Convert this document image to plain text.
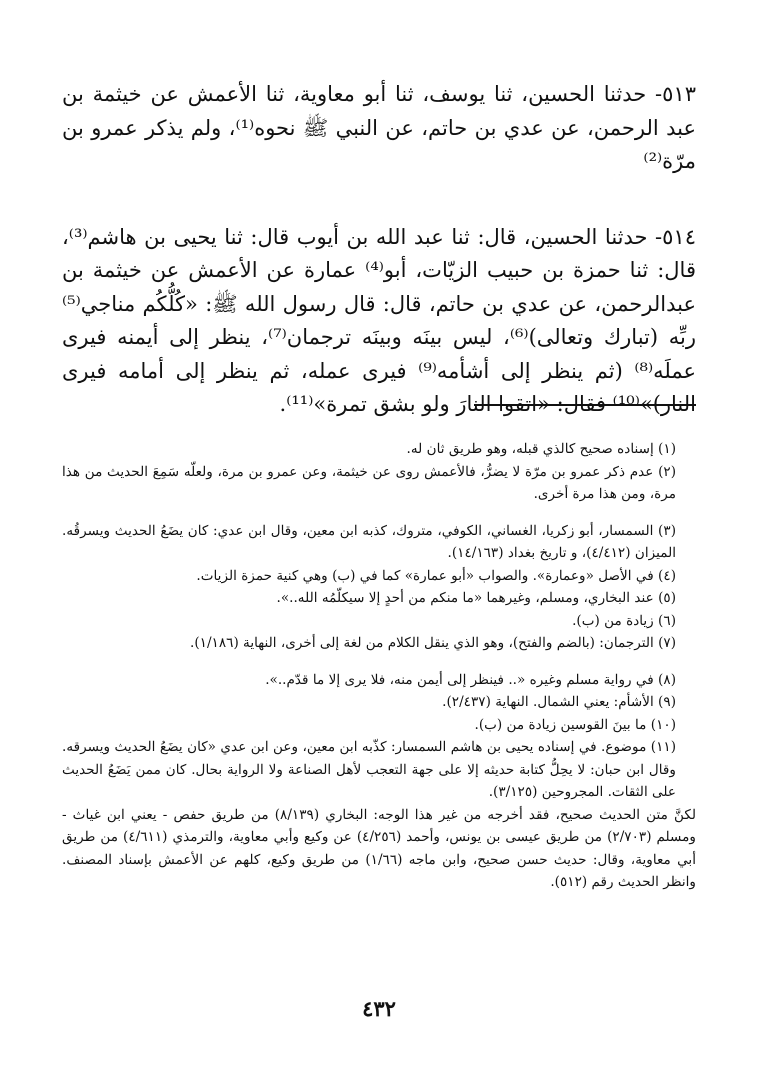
٥١٣- حدثنا الحسين، ثنا يوسف، ثنا أبو معاوية، ثنا الأعمش عن خيثمة بن عبد الرحمن، عن عدي بن حاتم، عن النبي ﷺ نحوه⁽¹⁾، ولم يذكر عمرو بن مرّة⁽²⁾

٥١٤- حدثنا الحسين، قال: ثنا عبد الله بن أيوب قال: ثنا يحيى بن هاشم⁽³⁾، قال: ثنا حمزة بن حبيب الزيّات، أبو⁽⁴⁾ عمارة عن الأعمش عن خيثمة بن عبدالرحمن، عن عدي بن حاتم، قال: قال رسول الله ﷺ: «كُلُّكُم مناجي⁽⁵⁾ ربِّه (تبارك وتعالى)⁽⁶⁾، ليس بينَه وبينَه ترجمان⁽⁷⁾، ينظر إلى أيمنه فيرى عملَه⁽⁸⁾ (ثم ينظر إلى أشأمه⁽⁹⁾ فيرى عمله، ثم ينظر إلى أمامه فيرى النار)»⁽¹⁰⁾ فقال: «اتقوا النارَ ولو بشق تمرة»⁽¹¹⁾.

(١) إسناده صحيح كالذي قبله، وهو طريق ثان له.

(٢) عدم ذكر عمرو بن مرّة لا يضرُّ، فالأعمش روى عن خيثمة، وعن عمرو بن مرة، ولعلّه سَمِعَ الحديث من هذا مرة، ومن هذا مرة أخرى.

(٣) السمسار، أبو زكريا، الغساني، الكوفي، متروك، كذبه ابن معين، وقال ابن عدي: كان يضَعُ الحديث ويسرقُه. الميزان (٤/٤١٢)، و تاريخ بغداد (١٤/١٦٣).

(٤) في الأصل «وعمارة». والصواب «أبو عمارة» كما في (ب) وهي كنية حمزة الزيات.

(٥) عند البخاري، ومسلم، وغيرهما «ما منكم من أحدٍ إلا سيكلّمُه الله..».

(٦) زيادة من (ب).

(٧) الترجمان: (بالضم والفتح)، وهو الذي ينقل الكلام من لغة إلى أخرى، النهاية (١/١٨٦).

(٨) في رواية مسلم وغيره «.. فينظر إلى أيمن منه، فلا يرى إلا ما قدّم..».

(٩) الأشأم: يعني الشمال. النهاية (٢/٤٣٧).

(١٠) ما بينَ القوسين زيادة من (ب).

(١١) موضوع. في إسناده يحيى بن هاشم السمسار: كذّبه ابن معين، وعن ابن عدي «كان يضَعُ الحديث ويسرقه. وقال ابن حبان: لا يحِلُّ كتابة حديثه إلا على جهة التعجب لأهل الصناعة ولا الرواية بحال. كان ممن يَضَعُ الحديث على الثقات. المجروحين (٣/١٢٥).

لكنَّ متن الحديث صحيح، فقد أخرجه من غير هذا الوجه: البخاري (٨/١٣٩) من طريق حفص - يعني ابن غياث - ومسلم (٢/٧٠٣) من طريق عيسى بن يونس، وأحمد (٤/٢٥٦) عن وكيع وأبي معاوية، والترمذي (٤/٦١١) من طريق أبي معاوية، وقال: حديث حسن صحيح، وابن ماجه (١/٦٦) من طريق وكيع، كلهم عن الأعمش بإسناد المصنف. وانظر الحديث رقم (٥١٢).

٤٣٢
